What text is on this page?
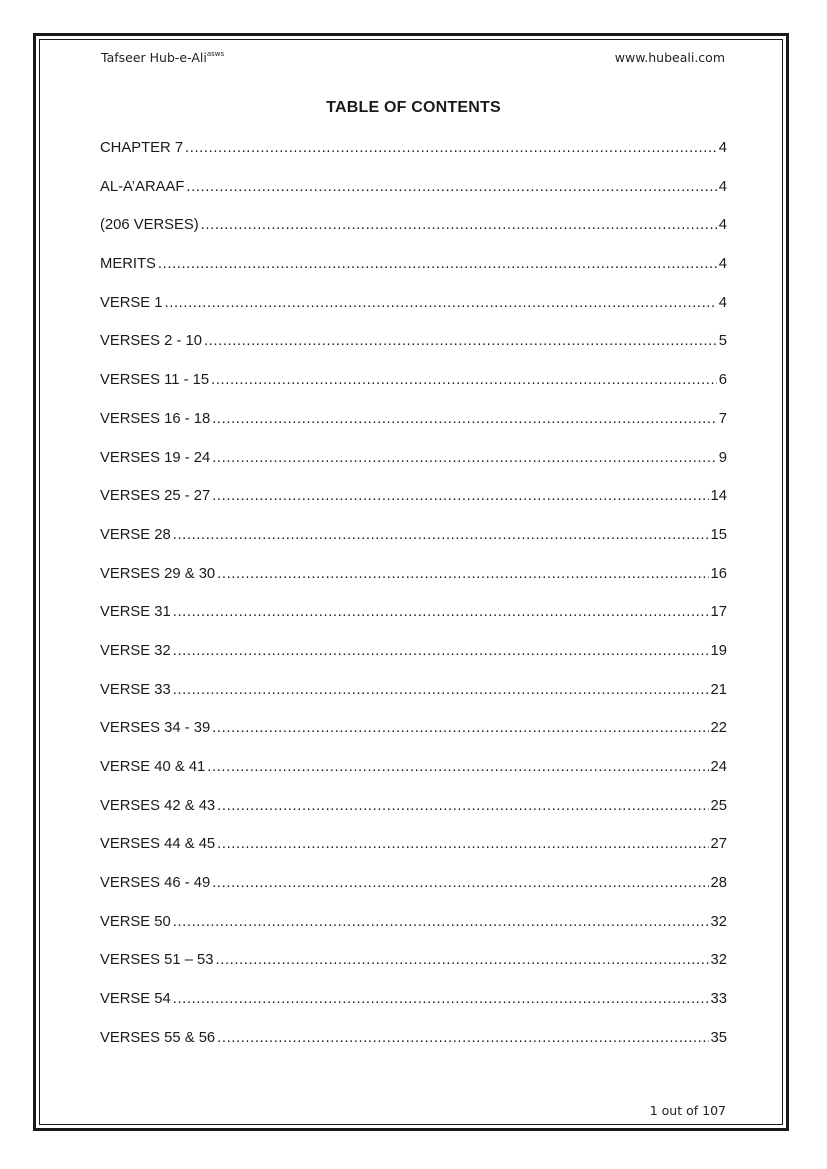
Tafseer Hub-e-Ali$^{asws}$	www.hubeali.com
TABLE OF CONTENTS
CHAPTER 7 .....	4
AL-A’ARAAF .....	4
(206 VERSES) .....	4
MERITS .....	4
VERSE 1 .....	4
VERSES 2 - 10 .....	5
VERSES 11 - 15 .....	6
VERSES 16 - 18 .....	7
VERSES 19 - 24 .....	9
VERSES 25 - 27 .....	14
VERSE 28 .....	15
VERSES 29 & 30 .....	16
VERSE 31 .....	17
VERSE 32 .....	19
VERSE 33 .....	21
VERSES 34 - 39 .....	22
VERSE 40 & 41 .....	24
VERSES 42 & 43 .....	25
VERSES 44 & 45 .....	27
VERSES 46 - 49 .....	28
VERSE 50 .....	32
VERSES 51 – 53 .....	32
VERSE 54 .....	33
VERSES 55 & 56 .....	35
1 out of 107
